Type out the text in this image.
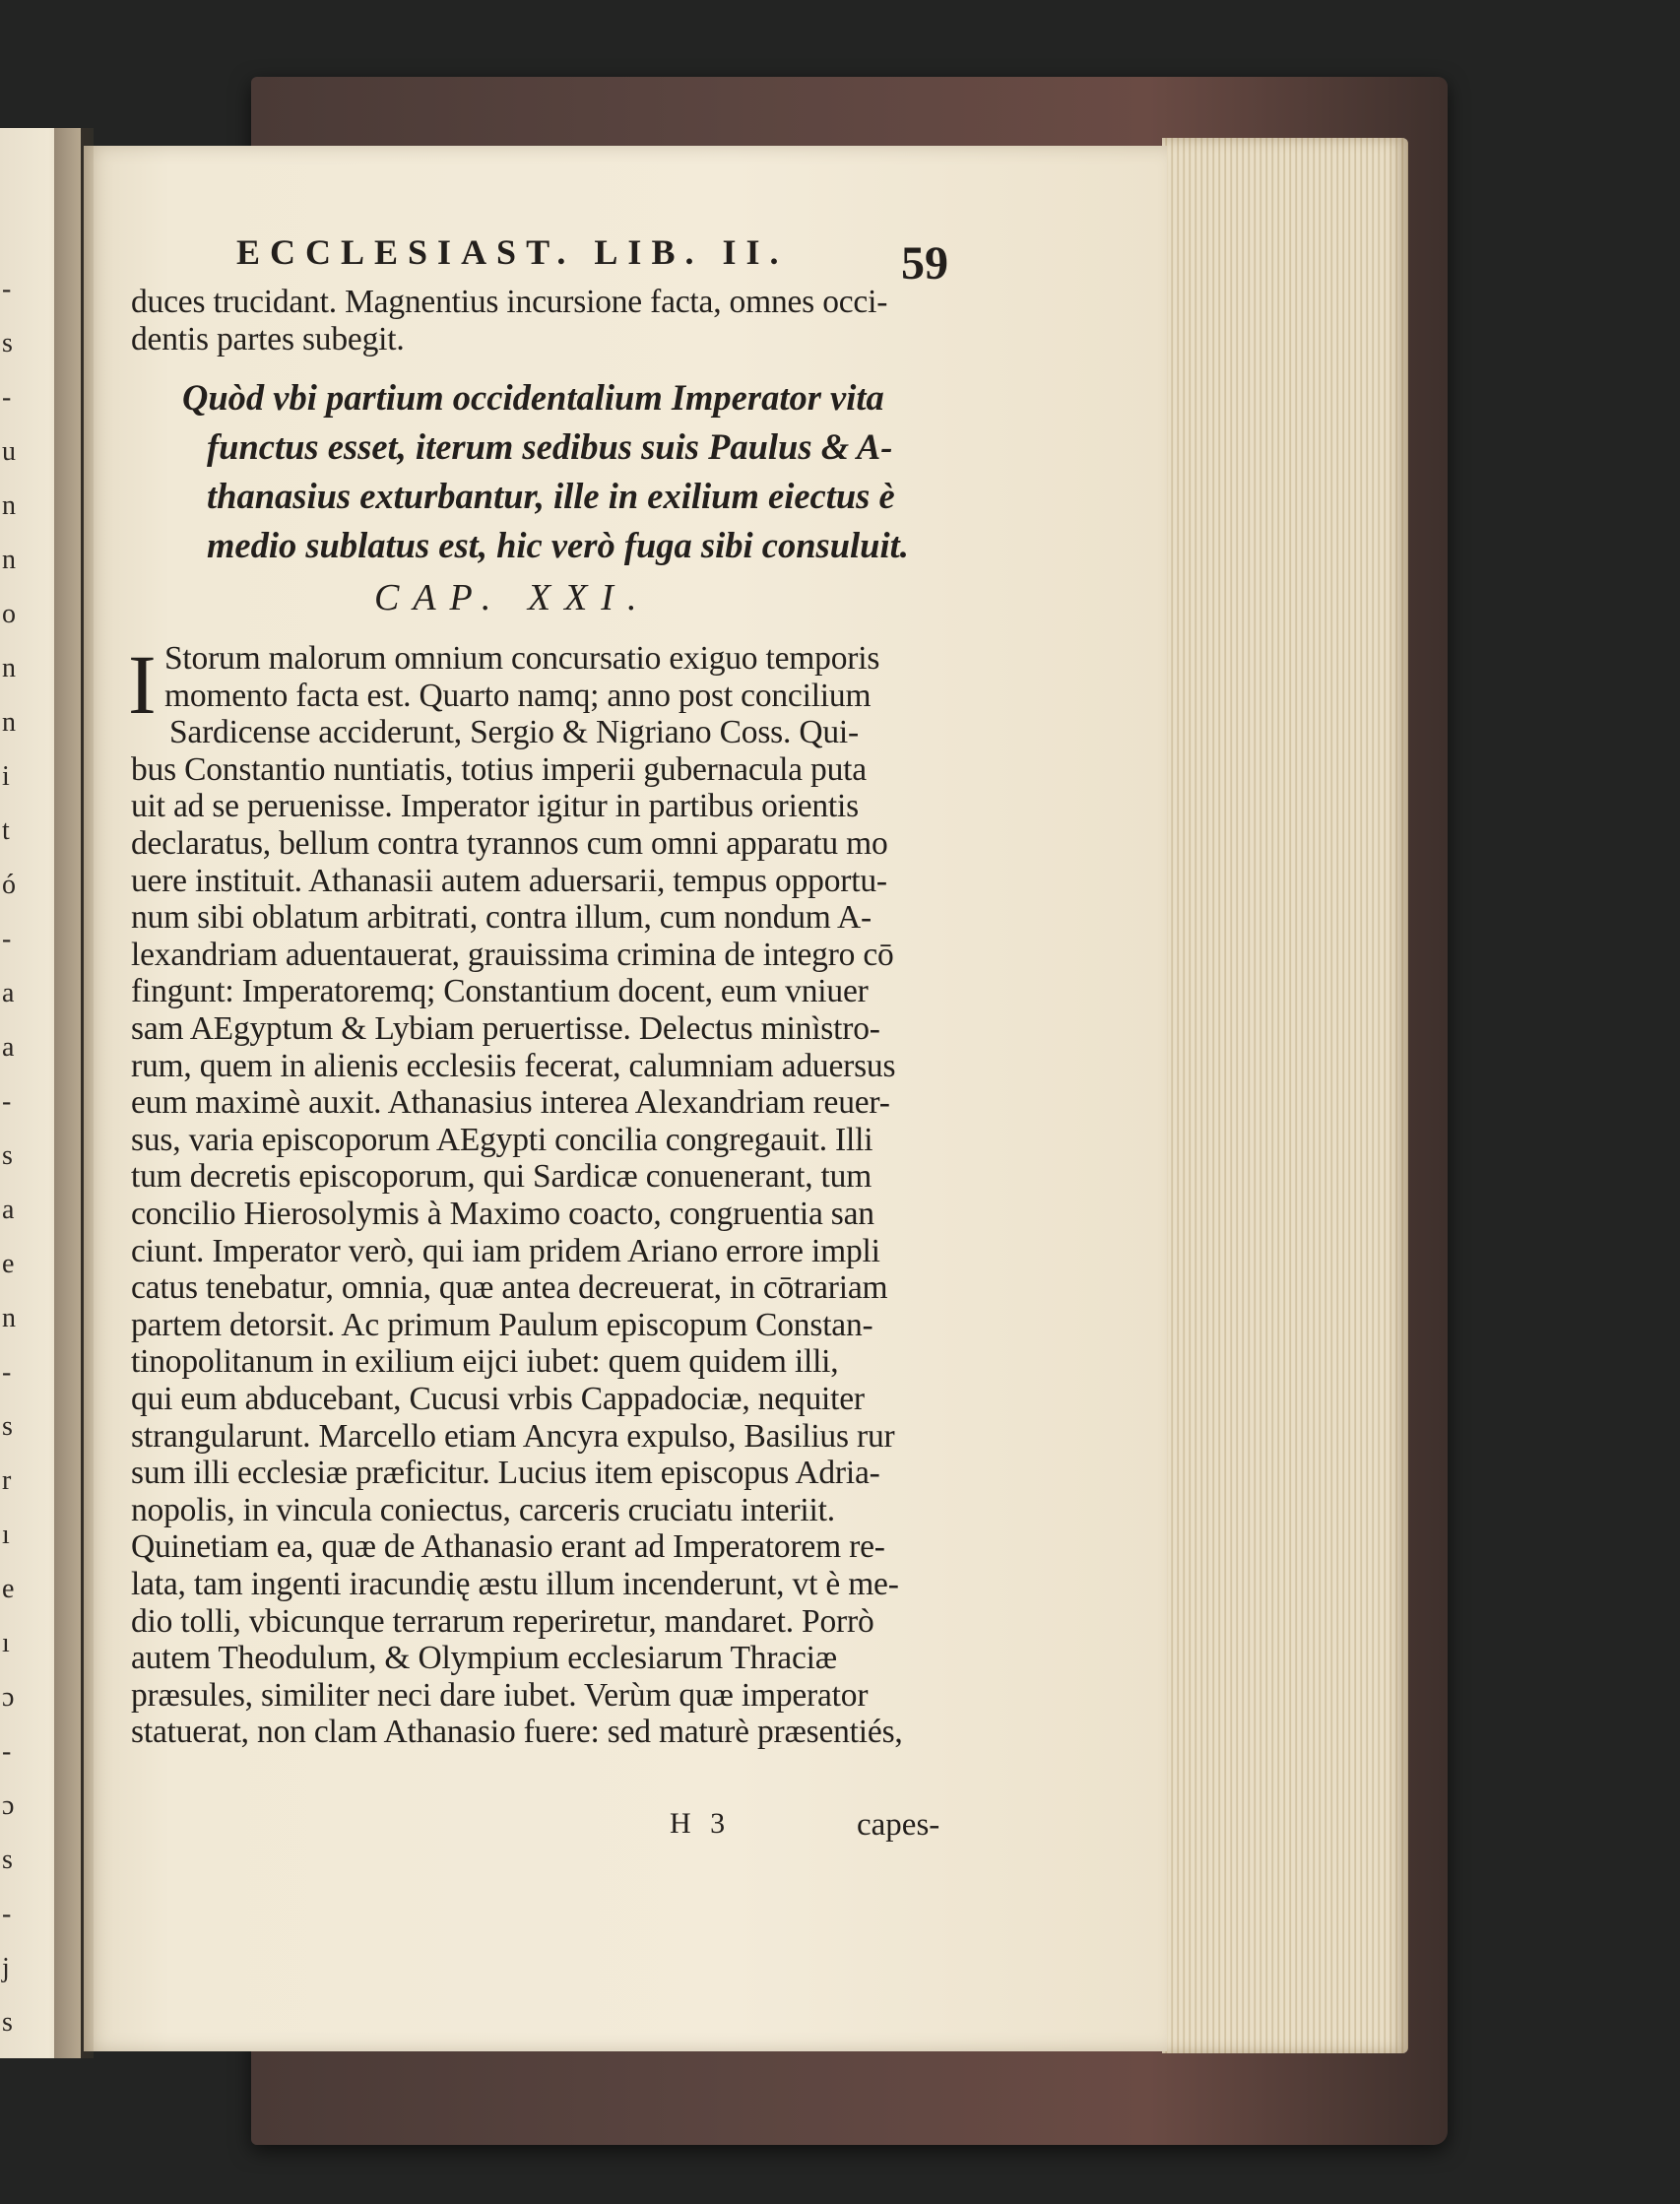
-
s
-
u
n
n
o
n
n
i
t
ó
-
a
a
-
s
a
e
n
-
s
r
ı
e
ı
ɔ
-
ɔ
s
-
j
s
ECCLESIAST. LIB. II. 59
duces trucidant. Magnentius incursione facta, omnes occi-
dentis partes subegit.
Quòd vbi partium occidentalium Imperator vita
functus esset, iterum sedibus suis Paulus & A-
thanasius exturbantur, ille in exilium eiectus è
medio sublatus est, hic verò fuga sibi consuluit.
CAP. XXI.
I Storum malorum omnium concursatio exiguo temporis
momento facta est. Quarto namq; anno post concilium
Sardicense acciderunt, Sergio & Nigriano Coss. Qui-
bus Constantio nuntiatis, totius imperii gubernacula puta
uit ad se peruenisse. Imperator igitur in partibus orientis
declaratus, bellum contra tyrannos cum omni apparatu mo
uere instituit. Athanasii autem aduersarii, tempus opportu-
num sibi oblatum arbitrati, contra illum, cum nondum A-
lexandriam aduentauerat, grauissima crimina de integro cō
fingunt: Imperatoremq; Constantium docent, eum vniuer
sam AEgyptum & Lybiam peruertisse. Delectus minìstro-
rum, quem in alienis ecclesiis fecerat, calumniam aduersus
eum maximè auxit. Athanasius interea Alexandriam reuer-
sus, varia episcoporum AEgypti concilia congregauit. Illi
tum decretis episcoporum, qui Sardicæ conuenerant, tum
concilio Hierosolymis à Maximo coacto, congruentia san
ciunt. Imperator verò, qui iam pridem Ariano errore impli
catus tenebatur, omnia, quæ antea decreuerat, in cōtrariam
partem detorsit. Ac primum Paulum episcopum Constan-
tinopolitanum in exilium eijci iubet: quem quidem illi,
qui eum abducebant, Cucusi vrbis Cappadociæ, nequiter
strangularunt. Marcello etiam Ancyra expulso, Basilius rur
sum illi ecclesiæ præficitur. Lucius item episcopus Adria-
nopolis, in vincula coniectus, carceris cruciatu interiit.
Quinetiam ea, quæ de Athanasio erant ad Imperatorem re-
lata, tam ingenti iracundię æstu illum incenderunt, vt è me-
dio tolli, vbicunque terrarum reperiretur, mandaret. Porrò
autem Theodulum, & Olympium ecclesiarum Thraciæ
præsules, similiter neci dare iubet. Verùm quæ imperator
statuerat, non clam Athanasio fuere: sed maturè præsentiés,
H 3	capes-
